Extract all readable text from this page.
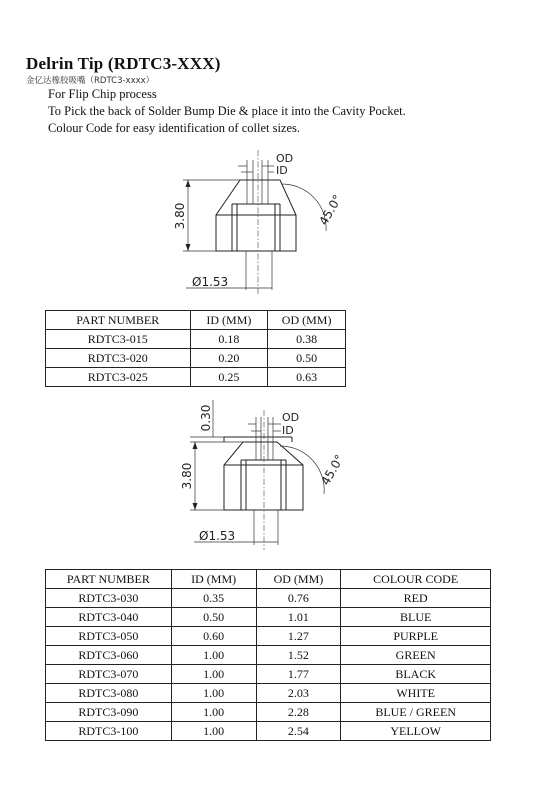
Delrin Tip (RDTC3-XXX)
金亿达橡胶吸嘴（RDTC3-xxxx）
For Flip Chip process
To Pick the back of Solder Bump Die & place it into the Cavity Pocket.
Colour Code for easy identification of collet sizes.
OD
ID
3.80	45.0°
Ø1.53
PART NUMBER	ID (MM)	OD (MM)
RDTC3-015	0.18	0.38
RDTC3-020	0.20	0.50
RDTC3-025	0.25	0.63
OD
ID
0.30
3.80	45.0°
Ø1.53
PART NUMBER	ID (MM)	OD (MM)	COLOUR CODE
RDTC3-030	0.35	0.76	RED
RDTC3-040	0.50	1.01	BLUE
RDTC3-050	0.60	1.27	PURPLE
RDTC3-060	1.00	1.52	GREEN
RDTC3-070	1.00	1.77	BLACK
RDTC3-080	1.00	2.03	WHITE
RDTC3-090	1.00	2.28	BLUE / GREEN
RDTC3-100	1.00	2.54	YELLOW
